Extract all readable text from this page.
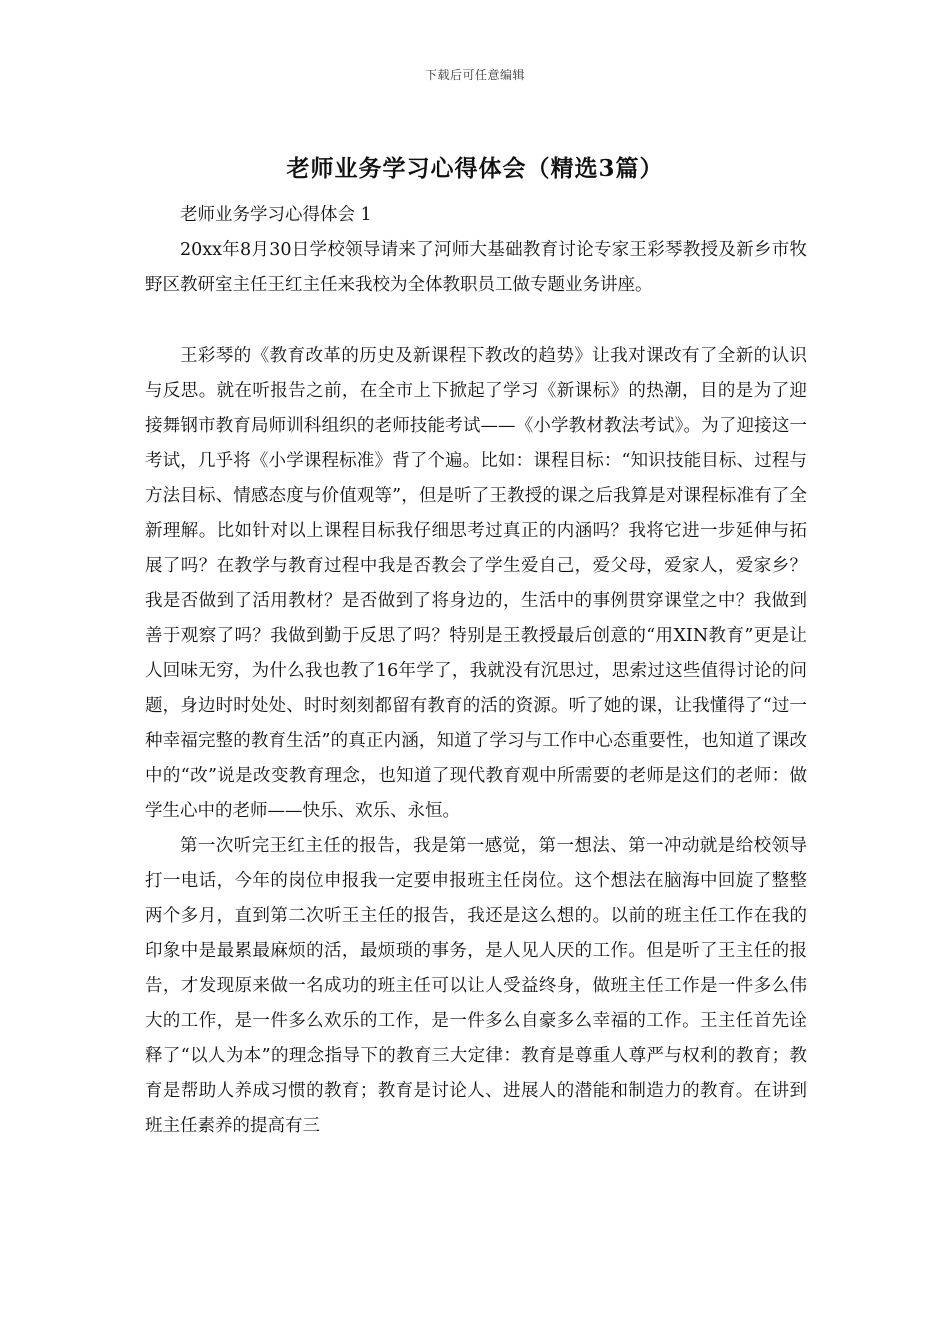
下载后可任意编辑
老师业务学习心得体会（精选3篇）

老师业务学习心得体会 1

20xx年8月30日学校领导请来了河师大基础教育讨论专家王彩琴教授及新乡市牧野区教研室主任王红主任来我校为全体教职员工做专题业务讲座。

王彩琴的《教育改革的历史及新课程下教改的趋势》让我对课改有了全新的认识与反思。就在听报告之前，在全市上下掀起了学习《新课标》的热潮，目的是为了迎接舞钢市教育局师训科组织的老师技能考试——《小学教材教法考试》。为了迎接这一考试，几乎将《小学课程标准》背了个遍。比如：课程目标：“知识技能目标、过程与方法目标、情感态度与价值观等”，但是听了王教授的课之后我算是对课程标准有了全新理解。比如针对以上课程目标我仔细思考过真正的内涵吗？我将它进一步延伸与拓展了吗？在教学与教育过程中我是否教会了学生爱自己，爱父母，爱家人，爱家乡？我是否做到了活用教材？是否做到了将身边的，生活中的事例贯穿课堂之中？我做到善于观察了吗？我做到勤于反思了吗？特别是王教授最后创意的“用XIN教育”更是让人回味无穷，为什么我也教了16年学了，我就没有沉思过，思索过这些值得讨论的问题，身边时时处处、时时刻刻都留有教育的活的资源。听了她的课，让我懂得了“过一种幸福完整的教育生活”的真正内涵，知道了学习与工作中心态重要性，也知道了课改中的“改”说是改变教育理念，也知道了现代教育观中所需要的老师是这们的老师：做学生心中的老师——快乐、欢乐、永恒。

第一次听完王红主任的报告，我是第一感觉，第一想法、第一冲动就是给校领导打一电话，今年的岗位申报我一定要申报班主任岗位。这个想法在脑海中回旋了整整两个多月，直到第二次听王主任的报告，我还是这么想的。以前的班主任工作在我的印象中是最累最麻烦的活，最烦琐的事务，是人见人厌的工作。但是听了王主任的报告，才发现原来做一名成功的班主任可以让人受益终身，做班主任工作是一件多么伟大的工作，是一件多么欢乐的工作，是一件多么自豪多么幸福的工作。王主任首先诠释了“以人为本”的理念指导下的教育三大定律：教育是尊重人尊严与权利的教育；教育是帮助人养成习惯的教育；教育是讨论人、进展人的潜能和制造力的教育。在讲到班主任素养的提高有三
